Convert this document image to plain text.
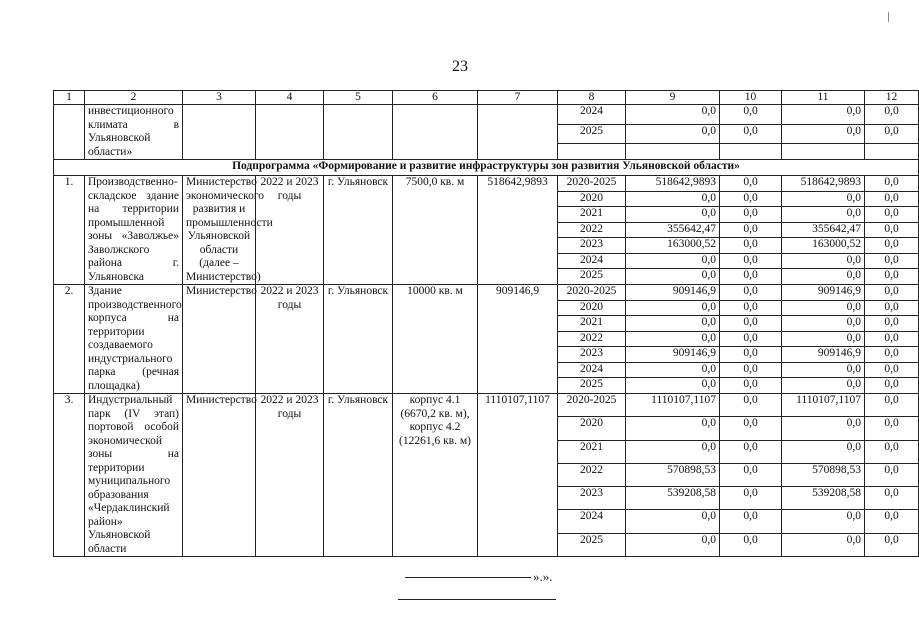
23
1	2	3	4	5	6	7	8	9	10	11	12
	инвестиционного климата в Ульяновской области»						2024	0,0	0,0	0,0	0,0
							2025	0,0	0,0	0,0	0,0

Подпрограмма «Формирование и развитие инфраструктуры зон развития Ульяновской области»											
1.	Производственно-складское здание на территории промышленной зоны «Заволжье» Заволжского района г. Ульяновска	Министерство экономического развития и промышленности Ульяновской области (далее – Министерство)	2022 и 2023 годы	г. Ульяновск	7500,0 кв. м	518642,9893	2020-2025	518642,9893	0,0	518642,9893	0,0
							2020	0,0	0,0	0,0	0,0
							2021	0,0	0,0	0,0	0,0
							2022	355642,47	0,0	355642,47	0,0
							2023	163000,52	0,0	163000,52	0,0
							2024	0,0	0,0	0,0	0,0
							2025	0,0	0,0	0,0	0,0
2.	Здание производственного корпуса на территории создаваемого индустриального парка (речная площадка)	Министерство	2022 и 2023 годы	г. Ульяновск	10000 кв. м	909146,9	2020-2025	909146,9	0,0	909146,9	0,0
							2020	0,0	0,0	0,0	0,0
							2021	0,0	0,0	0,0	0,0
							2022	0,0	0,0	0,0	0,0
							2023	909146,9	0,0	909146,9	0,0
							2024	0,0	0,0	0,0	0,0
							2025	0,0	0,0	0,0	0,0
3.	Индустриальный парк (IV этап) портовой особой экономической зоны на территории муниципального образования «Чердаклинский район» Ульяновской области	Министерство	2022 и 2023 годы	г. Ульяновск	корпус 4.1 (6670,2 кв. м), корпус 4.2 (12261,6 кв. м)	1110107,1107	2020-2025	1110107,1107	0,0	1110107,1107	0,0
							2020	0,0	0,0	0,0	0,0
							2021	0,0	0,0	0,0	0,0
							2022	570898,53	0,0	570898,53	0,0
							2023	539208,58	0,0	539208,58	0,0
							2024	0,0	0,0	0,0	0,0
							2025	0,0	0,0	0,0	0,0
».».
